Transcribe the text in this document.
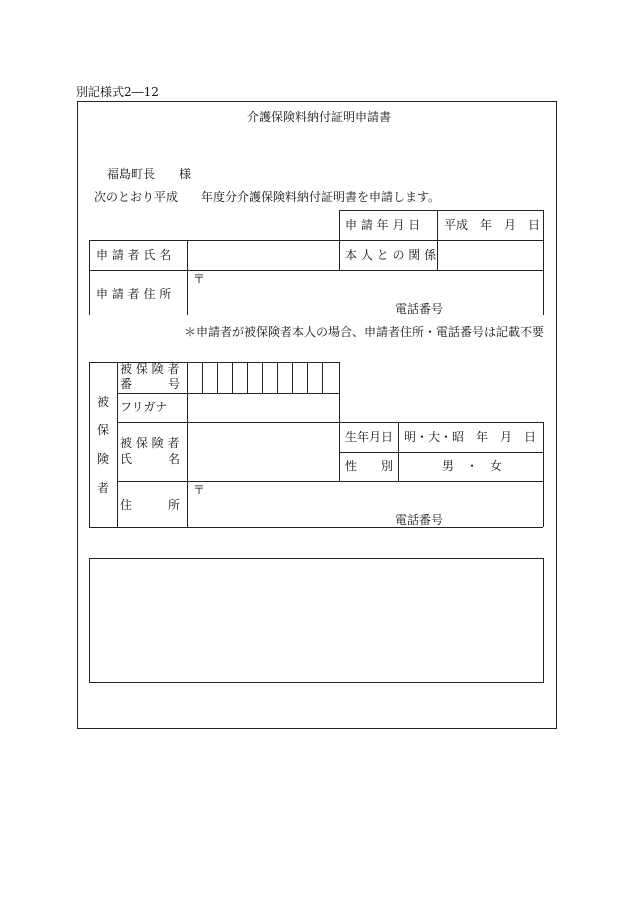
別記様式2―12
介護保険料納付証明申請書
福島町長 様
次のとおり平成 年度分介護保険料納付証明書を申請します。
申 請 年 月 日 平成　年　月　日
申 請 者 氏 名	本 人 と の 関 係
申 請 者 住 所
〒
電話番号
＊申請者が被保険者本人の場合、申請者住所・電話番号は記載不要
被
保
険
者
被 保 険 者
番　　　号
フリガナ
被 保 険 者
氏　　　名
生年月日 明・大・昭　年　月　日
性　　別	男　・　女
住　　　所
〒
電話番号
